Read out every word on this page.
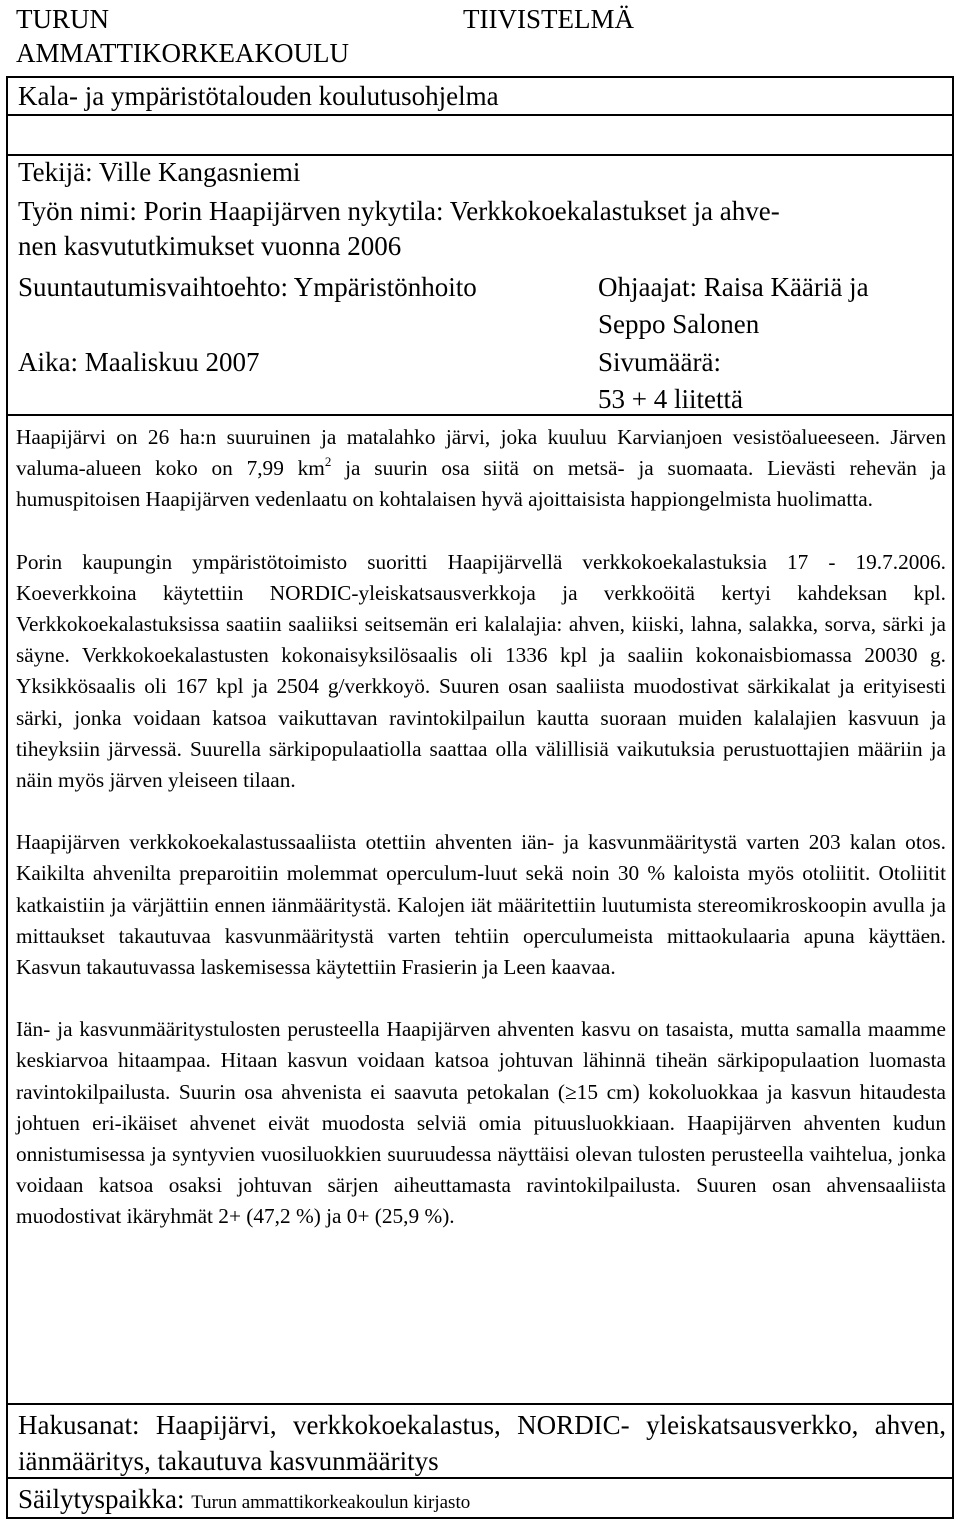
TURUN
AMMATTIKORKEAKOULU
TIIVISTELMÄ
Kala- ja ympäristötalouden koulutusohjelma
Tekijä: Ville Kangasniemi
Työn nimi: Porin Haapijärven nykytila: Verkkokoekalastukset ja ahve-
nen kasvututkimukset vuonna 2006
Suuntautumisvaihtoehto: Ympäristönhoito	Ohjaajat: Raisa Kääriä ja
Seppo Salonen
Aika: Maaliskuu 2007	Sivumäärä:
53 + 4 liitettä

Haapijärvi on 26 ha:n suuruinen ja matalahko järvi, joka kuuluu Karvianjoen vesistöalueeseen. Järven valuma-alueen koko on 7,99 $km^2$ ja suurin osa siitä on metsä- ja suomaata. Lievästi rehevän ja humuspitoisen Haapijärven vedenlaatu on kohtalaisen hyvä ajoittaisista happiongelmista huolimatta.

Porin kaupungin ympäristötoimisto suoritti Haapijärvellä verkkokoekalastuksia 17 - 19.7.2006. Koeverkkoina käytettiin NORDIC-yleiskatsausverkkoja ja verkkoöitä kertyi kahdeksan kpl. Verkkokoekalastuksissa saatiin saaliiksi seitsemän eri kalalajia: ahven, kiiski, lahna, salakka, sorva, särki ja säyne. Verkkokoekalastusten kokonaisyksilösaalis oli 1336 kpl ja saaliin kokonaisbiomassa 20030 g. Yksikkösaalis oli 167 kpl ja 2504 g/verkkoyö. Suuren osan saaliista muodostivat särkikalat ja erityisesti särki, jonka voidaan katsoa vaikuttavan ravintokilpailun kautta suoraan muiden kalalajien kasvuun ja tiheyksiin järvessä. Suurella särkipopulaatiolla saattaa olla välillisiä vaikutuksia perustuottajien määriin ja näin myös järven yleiseen tilaan.

Haapijärven verkkokoekalastussaaliista otettiin ahventen iän- ja kasvunmääritystä varten 203 kalan otos. Kaikilta ahvenilta preparoitiin molemmat operculum-luut sekä noin 30 % kaloista myös otoliitit. Otoliitit katkaistiin ja värjättiin ennen iänmääritystä. Kalojen iät määritettiin luutumista stereomikroskoopin avulla ja mittaukset takautuvaa kasvunmääritystä varten tehtiin operculumeista mittaokulaaria apuna käyttäen. Kasvun takautuvassa laskemisessa käytettiin Frasierin ja Leen kaavaa.

Iän- ja kasvunmääritystulosten perusteella Haapijärven ahventen kasvu on tasaista, mutta samalla maamme keskiarvoa hitaampaa. Hitaan kasvun voidaan katsoa johtuvan lähinnä tiheän särkipopulaation luomasta ravintokilpailusta. Suurin osa ahvenista ei saavuta petokalan (≥15 cm) kokoluokkaa ja kasvun hitaudesta johtuen eri-ikäiset ahvenet eivät muodosta selviä omia pituusluokkiaan. Haapijärven ahventen kudun onnistumisessa ja syntyvien vuosiluokkien suuruudessa näyttäisi olevan tulosten perusteella vaihtelua, jonka voidaan katsoa osaksi johtuvan särjen aiheuttamasta ravintokilpailusta. Suuren osan ahvensaaliista muodostivat ikäryhmät 2+ (47,2 %) ja 0+ (25,9 %).

Hakusanat: Haapijärvi, verkkokoekalastus, NORDIC- yleiskatsausverkko, ahven, iänmääritys, takautuva kasvunmääritys
Säilytyspaikka: Turun ammattikorkeakoulun kirjasto
